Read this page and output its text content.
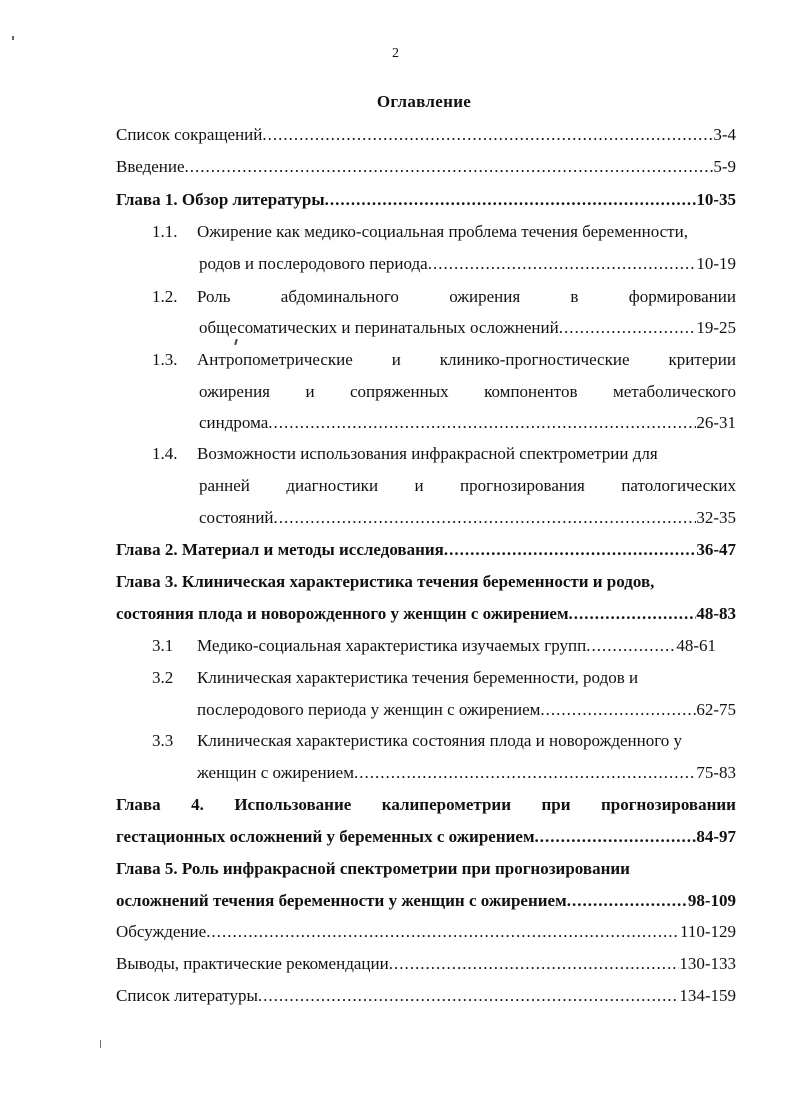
2
Оглавление
Список сокращений .....	3-4
Введение .....	5-9
Глава 1. Обзор литературы .....	10-35
1.1. Ожирение как медико-социальная проблема течения беременности,
родов и послеродового периода .....	10-19
1.2. Роль	абдоминального	ожирения	в	формировании
общесоматических и перинатальных осложнений .....	19-25
1.3. Антропометрические и клинико-прогностические критерии
ожирения и сопряженных компонентов метаболического
синдрома .....	26-31
1.4. Возможности использования инфракрасной спектрометрии для
ранней диагностики и прогнозирования патологических
состояний .....	32-35
Глава 2. Материал и методы исследования .....	36-47
Глава 3. Клиническая характеристика течения беременности и родов,
состояния плода и новорожденного у женщин с ожирением .....	48-83
3.1 Медико-социальная характеристика изучаемых групп .....	48-61
3.2 Клиническая характеристика течения беременности, родов и
послеродового периода у женщин с ожирением .....	62-75
3.3 Клиническая характеристика состояния плода и новорожденного у
женщин с ожирением .....	75-83
Глава 4. Использование калиперометрии при прогнозировании
гестационных осложнений у беременных с ожирением .....	84-97
Глава 5. Роль инфракрасной спектрометрии при прогнозировании
осложнений течения беременности у женщин с ожирением .....	98-109
Обсуждение .....	110-129
Выводы, практические рекомендации .....	130-133
Список литературы .....	134-159
